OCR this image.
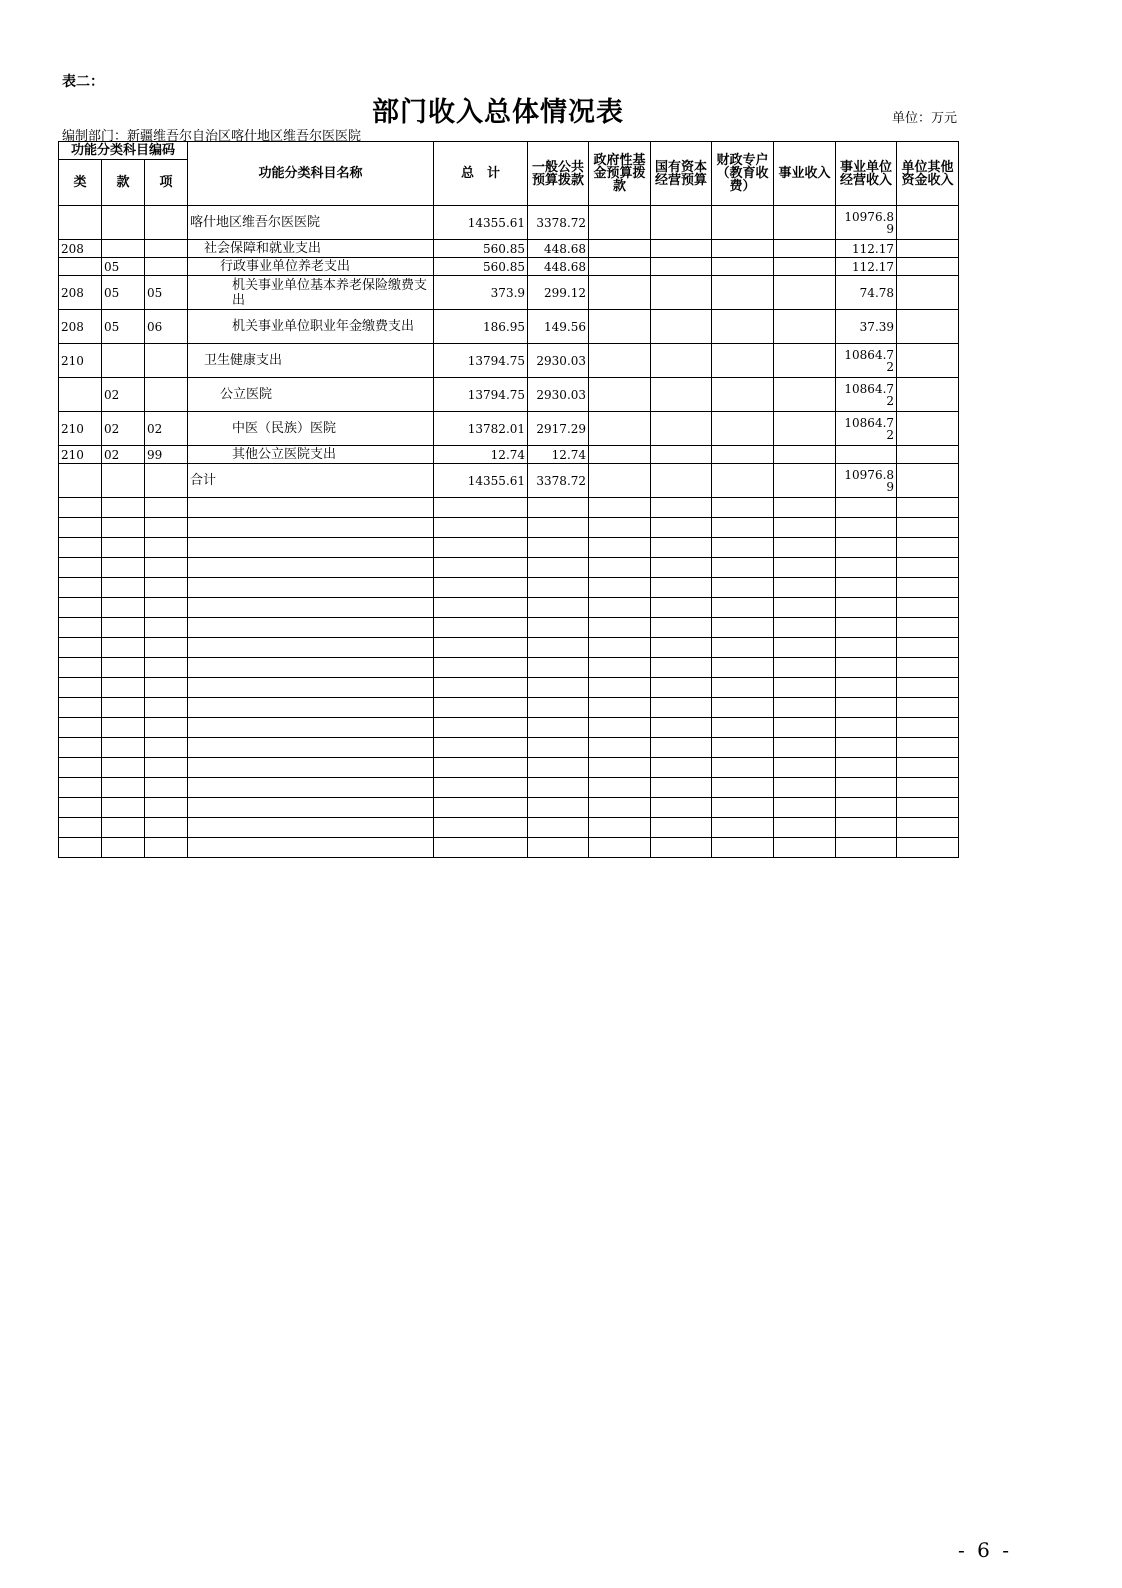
表二：
部门收入总体情况表	单位：万元
编制部门：新疆维吾尔自治区喀什地区维吾尔医医院
功能分类科目编码			功能分类科目名称	总　计	一般公共预算拨款	政府性基金预算拨款	国有资本经营预算	财政专户（教育收费）	事业收入	事业单位经营收入	单位其他资金收入
类	款	项									
			喀什地区维吾尔医医院	14355.61	3378.72					10976.89	
208			社会保障和就业支出	560.85	448.68					112.17	
	05		行政事业单位养老支出	560.85	448.68					112.17	
208	05	05	机关事业单位基本养老保险缴费支出	373.9	299.12					74.78	
208	05	06	机关事业单位职业年金缴费支出	186.95	149.56					37.39	
210			卫生健康支出	13794.75	2930.03					10864.72	
	02		公立医院	13794.75	2930.03					10864.72	
210	02	02	中医（民族）医院	13782.01	2917.29					10864.72	
210	02	99	其他公立医院支出	12.74	12.74						
			合计	14355.61	3378.72					10976.89	

- 6 -
